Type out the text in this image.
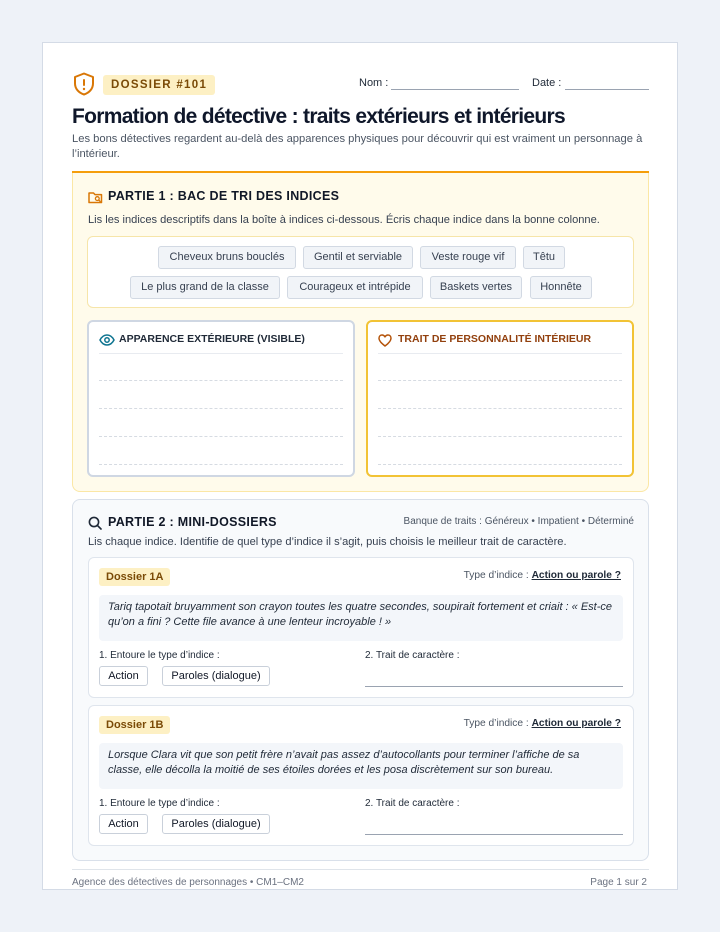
DOSSIER #101	Nom :	Date :
Formation de détective : traits extérieurs et intérieurs
Les bons détectives regardent au-delà des apparences physiques pour découvrir qui est vraiment un personnage à l’intérieur.
PARTIE 1 : BAC DE TRI DES INDICES
Lis les indices descriptifs dans la boîte à indices ci-dessous. Écris chaque indice dans la bonne colonne.
Cheveux bruns bouclés	Gentil et serviable	Veste rouge vif	Têtu
Le plus grand de la classe	Courageux et intrépide	Baskets vertes	Honnête
APPARENCE EXTÉRIEURE (VISIBLE)	TRAIT DE PERSONNALITÉ INTÉRIEUR
PARTIE 2 : MINI-DOSSIERS	Banque de traits : Généreux • Impatient • Déterminé
Lis chaque indice. Identifie de quel type d’indice il s’agit, puis choisis le meilleur trait de caractère.
Dossier 1A	Type d’indice : Action ou parole ?
Tariq tapotait bruyamment son crayon toutes les quatre secondes, soupirait fortement et criait : « Est-ce qu’on a fini ? Cette file avance à une lenteur incroyable ! »
1. Entoure le type d’indice :	2. Trait de caractère :
Action	Paroles (dialogue)
Dossier 1B	Type d’indice : Action ou parole ?
Lorsque Clara vit que son petit frère n’avait pas assez d’autocollants pour terminer l’affiche de sa classe, elle décolla la moitié de ses étoiles dorées et les posa discrètement sur son bureau.
1. Entoure le type d’indice :	2. Trait de caractère :
Action	Paroles (dialogue)
Agence des détectives de personnages • CM1–CM2	Page 1 sur 2
